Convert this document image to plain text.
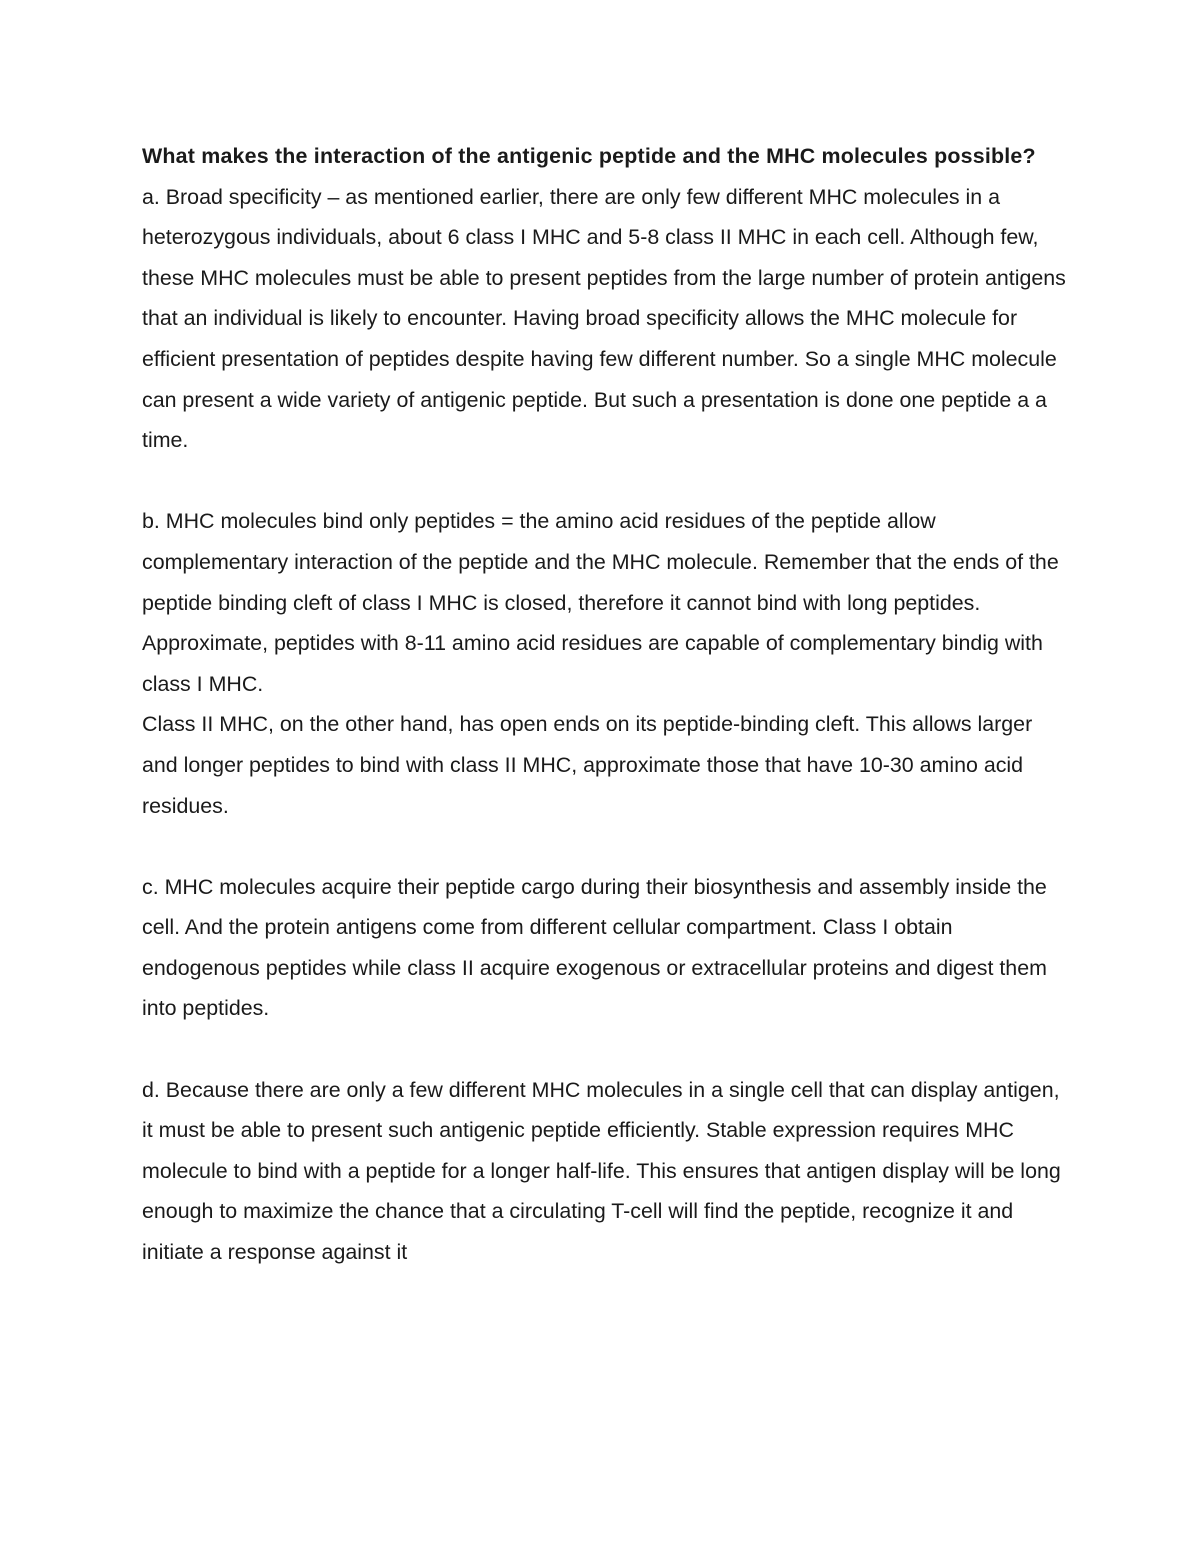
What makes the interaction of the antigenic peptide and the MHC molecules possible?

a. Broad specificity – as mentioned earlier, there are only few different MHC molecules in a heterozygous individuals, about 6 class I MHC and 5-8 class II MHC in each cell. Although few, these MHC molecules must be able to present peptides from the large number of protein antigens that an individual is likely to encounter. Having broad specificity allows the MHC molecule for efficient presentation of peptides despite having few different number. So a single MHC molecule can present a wide variety of antigenic peptide. But such a presentation is done one peptide a a time.

b. MHC molecules bind only peptides = the amino acid residues of the peptide allow complementary interaction of the peptide and the MHC molecule. Remember that the ends of the peptide binding cleft of class I MHC is closed, therefore it cannot bind with long peptides. Approximate, peptides with 8-11 amino acid residues are capable of complementary bindig with class I MHC.

Class II MHC, on the other hand, has open ends on its peptide-binding cleft. This allows larger and longer peptides to bind with class II MHC, approximate those that have 10-30 amino acid residues.

c. MHC molecules acquire their peptide cargo during their biosynthesis and assembly inside the cell. And the protein antigens come from different cellular compartment. Class I obtain endogenous peptides while class II acquire exogenous or extracellular proteins and digest them into peptides.

d. Because there are only a few different MHC molecules in a single cell that can display antigen, it must be able to present such antigenic peptide efficiently. Stable expression requires MHC molecule to bind with a peptide for a longer half-life. This ensures that antigen display will be long enough to maximize the chance that a circulating T-cell will find the peptide, recognize it and initiate a response against it
